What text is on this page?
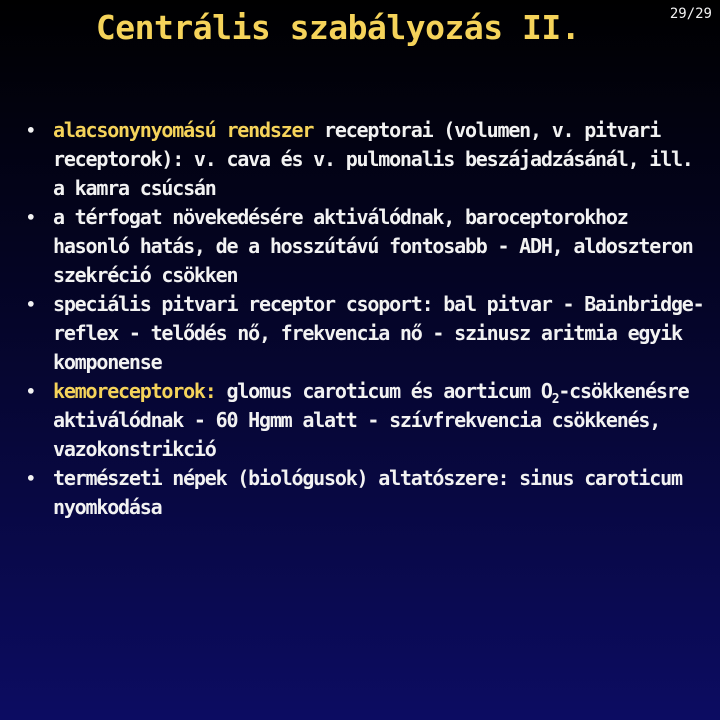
Centrális szabályozás II.	29/29
• alacsonynyomású rendszer receptorai (volumen, v. pitvari receptorok): v. cava és v. pulmonalis beszájadzásánál, ill. a kamra csúcsán
• a térfogat növekedésére aktiválódnak, baroceptorokhoz hasonló hatás, de a hosszútávú fontosabb - ADH, aldoszteron szekréció csökken
• speciális pitvari receptor csoport: bal pitvar - Bainbridge-reflex - telődés nő, frekvencia nő - szinusz aritmia egyik komponense
• kemoreceptorok: glomus caroticum és aorticum $O_2$-csökkenésre aktiválódnak - 60 Hgmm alatt - szívfrekvencia csökkenés, vazokonstrikció
• természeti népek (biológusok) altatószere: sinus caroticum nyomkodása
